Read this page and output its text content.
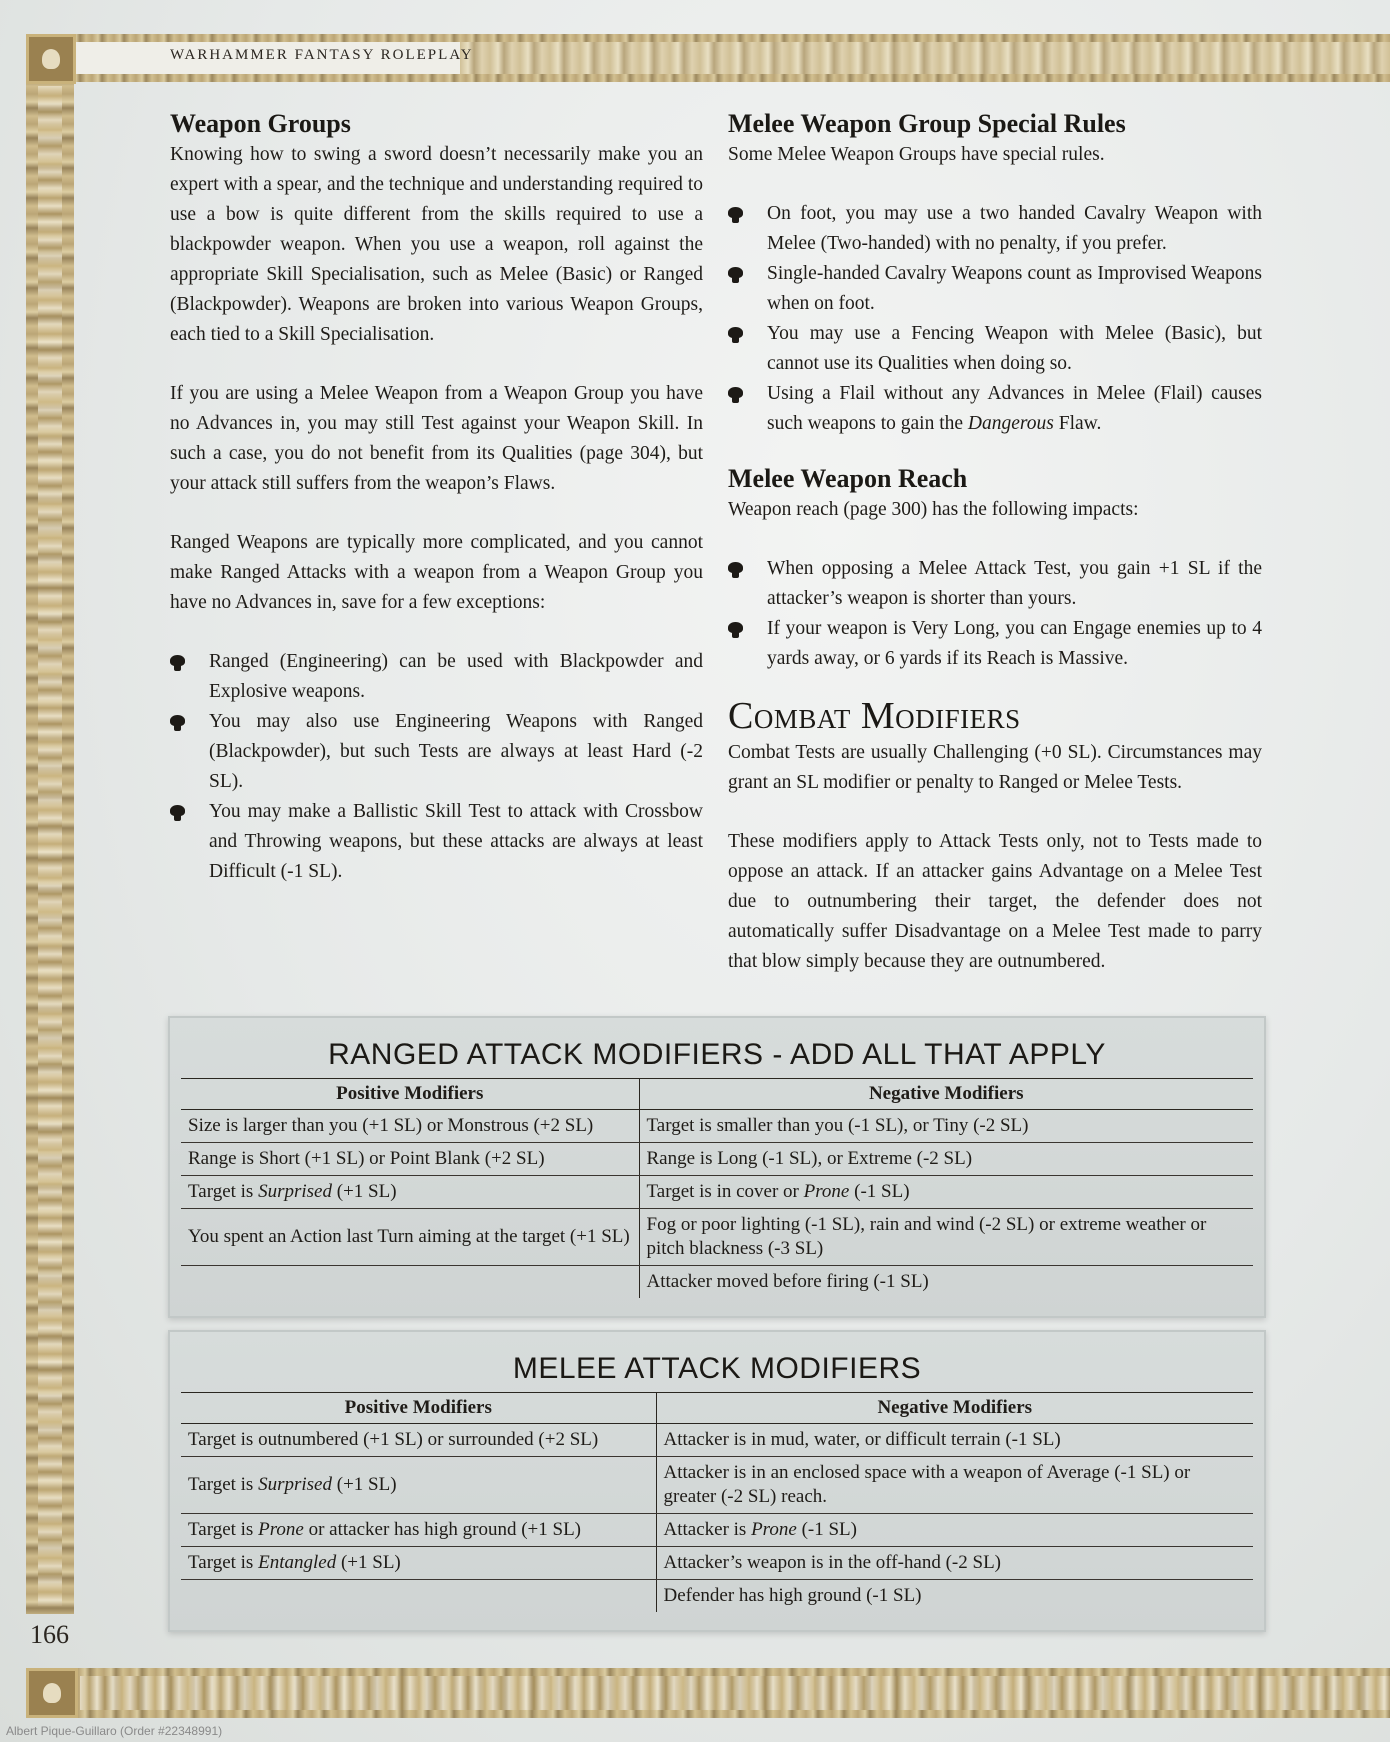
WARHAMMER FANTASY ROLEPLAY
166
Albert Pique-Guillaro (Order #22348991)
Weapon Groups

Knowing how to swing a sword doesn’t necessarily make you an expert with a spear, and the technique and understanding required to use a bow is quite different from the skills required to use a blackpowder weapon. When you use a weapon, roll against the appropriate Skill Specialisation, such as Melee (Basic) or Ranged (Blackpowder). Weapons are broken into various Weapon Groups, each tied to a Skill Specialisation.

If you are using a Melee Weapon from a Weapon Group you have no Advances in, you may still Test against your Weapon Skill. In such a case, you do not benefit from its Qualities (page 304), but your attack still suffers from the weapon’s Flaws.

Ranged Weapons are typically more complicated, and you cannot make Ranged Attacks with a weapon from a Weapon Group you have no Advances in, save for a few exceptions:

Ranged (Engineering) can be used with Blackpowder and Explosive weapons.
You may also use Engineering Weapons with Ranged (Blackpowder), but such Tests are always at least Hard (-2 SL).
You may make a Ballistic Skill Test to attack with Crossbow and Throwing weapons, but these attacks are always at least Difficult (-1 SL).
Melee Weapon Group Special Rules

Some Melee Weapon Groups have special rules.

On foot, you may use a two handed Cavalry Weapon with Melee (Two-handed) with no penalty, if you prefer.
Single-handed Cavalry Weapons count as Improvised Weapons when on foot.
You may use a Fencing Weapon with Melee (Basic), but cannot use its Qualities when doing so.
Using a Flail without any Advances in Melee (Flail) causes such weapons to gain the Dangerous Flaw.
Melee Weapon Reach

Weapon reach (page 300) has the following impacts:

When opposing a Melee Attack Test, you gain +1 SL if the attacker’s weapon is shorter than yours.
If your weapon is Very Long, you can Engage enemies up to 4 yards away, or 6 yards if its Reach is Massive.
Combat Modifiers

Combat Tests are usually Challenging (+0 SL). Circumstances may grant an SL modifier or penalty to Ranged or Melee Tests.

These modifiers apply to Attack Tests only, not to Tests made to oppose an attack. If an attacker gains Advantage on a Melee Test due to outnumbering their target, the defender does not automatically suffer Disadvantage on a Melee Test made to parry that blow simply because they are outnumbered.

RANGED ATTACK MODIFIERS - ADD ALL THAT APPLY
Positive Modifiers	Negative Modifiers
Size is larger than you (+1 SL) or Monstrous (+2 SL)	Target is smaller than you (-1 SL), or Tiny (-2 SL)
Range is Short (+1 SL) or Point Blank (+2 SL)	Range is Long (-1 SL), or Extreme (-2 SL)
Target is Surprised (+1 SL)	Target is in cover or Prone (-1 SL)
You spent an Action last Turn aiming at the target (+1 SL)	Fog or poor lighting (-1 SL), rain and wind (-2 SL) or extreme weather or pitch blackness (-3 SL)
	Attacker moved before firing (-1 SL)
MELEE ATTACK MODIFIERS
Positive Modifiers	Negative Modifiers
Target is outnumbered (+1 SL) or surrounded (+2 SL)	Attacker is in mud, water, or difficult terrain (-1 SL)
Target is Surprised (+1 SL)	Attacker is in an enclosed space with a weapon of Average (-1 SL) or greater (-2 SL) reach.
Target is Prone or attacker has high ground (+1 SL)	Attacker is Prone (-1 SL)
Target is Entangled (+1 SL)	Attacker’s weapon is in the off-hand (-2 SL)
	Defender has high ground (-1 SL)
